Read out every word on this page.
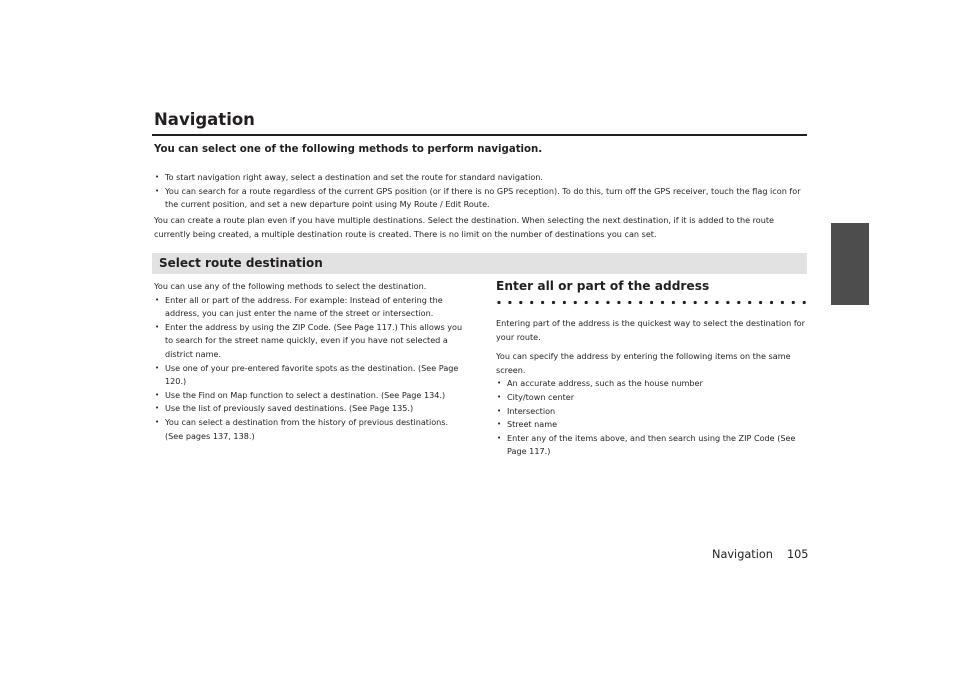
Navigation

You can select one of the following methods to perform navigation.

• To start navigation right away, select a destination and set the route for standard navigation.
• You can search for a route regardless of the current GPS position (or if there is no GPS reception). To do this, turn off the GPS receiver, touch the flag icon for the current position, and set a new departure point using My Route / Edit Route.

You can create a route plan even if you have multiple destinations. Select the destination. When selecting the next destination, if it is added to the route currently being created, a multiple destination route is created. There is no limit on the number of destinations you can set.

Select route destination

You can use any of the following methods to select the destination.

• Enter all or part of the address. For example: Instead of entering the address, you can just enter the name of the street or intersection.
• Enter the address by using the ZIP Code. (See Page 117.) This allows you to search for the street name quickly, even if you have not selected a district name.
• Use one of your pre-entered favorite spots as the destination. (See Page 120.)
• Use the Find on Map function to select a destination. (See Page 134.)
• Use the list of previously saved destinations. (See Page 135.)
• You can select a destination from the history of previous destinations. (See pages 137, 138.)
Enter all or part of the address

Entering part of the address is the quickest way to select the destination for your route.

You can specify the address by entering the following items on the same screen.

• An accurate address, such as the house number
• City/town center
• Intersection
• Street name
• Enter any of the items above, and then search using the ZIP Code (See Page 117.)
Navigation 105
